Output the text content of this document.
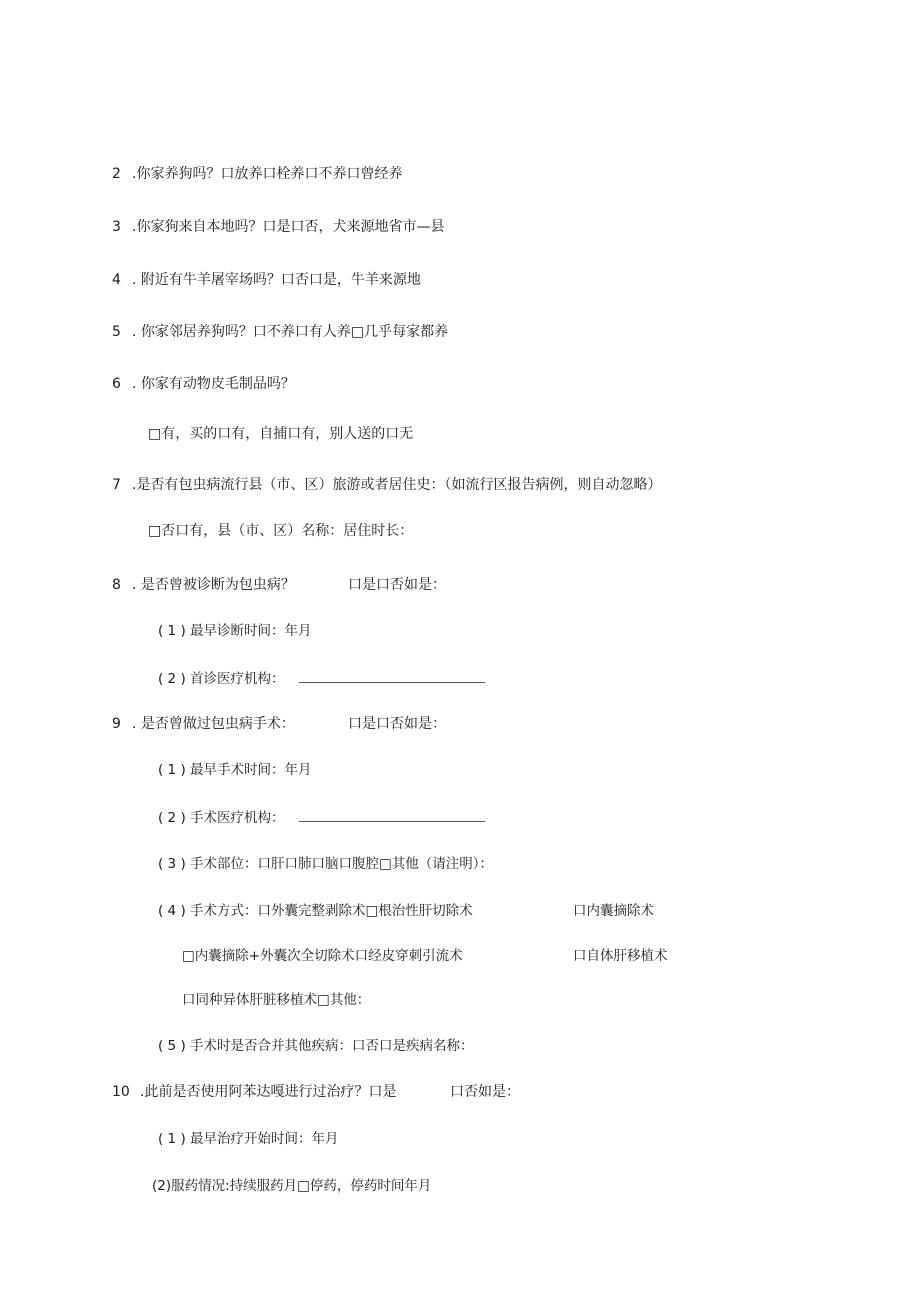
2 .你家养狗吗？口放养口栓养口不养口曾经养
3 .你家狗来自本地吗？口是口否，犬来源地省市—县
4 . 附近有牛羊屠宰场吗？口否口是，牛羊来源地
5 . 你家邻居养狗吗？口不养口有人养□几乎每家都养
6 . 你家有动物皮毛制品吗？
□有，买的口有，自捕口有，别人送的口无
7 .是否有包虫病流行县（市、区）旅游或者居住史：（如流行区报告病例，则自动忽略）
□否口有，县（市、区）名称：居住时长：
8 . 是否曾被诊断为包虫病？	口是口否如是：
( 1 ) 最早诊断时间：年月
( 2 ) 首诊医疗机构：
9 . 是否曾做过包虫病手术：	口是口否如是：
( 1 ) 最早手术时间：年月
( 2 ) 手术医疗机构：
( 3 ) 手术部位：口肝口肺口脑口腹腔□其他（请注明）：
( 4 ) 手术方式：口外囊完整剥除术□根治性肝切除术	口内囊摘除术
□内囊摘除+外囊次全切除术口经皮穿刺引流术	口自体肝移植术
口同种异体肝脏移植术□其他：
( 5 ) 手术时是否合并其他疾病：口否口是疾病名称：
10 .此前是否使用阿苯达嘎进行过治疗？口是	口否如是：
( 1 ) 最早治疗开始时间：年月
(2)服药情况:持续服药月□停药，停药时间年月
